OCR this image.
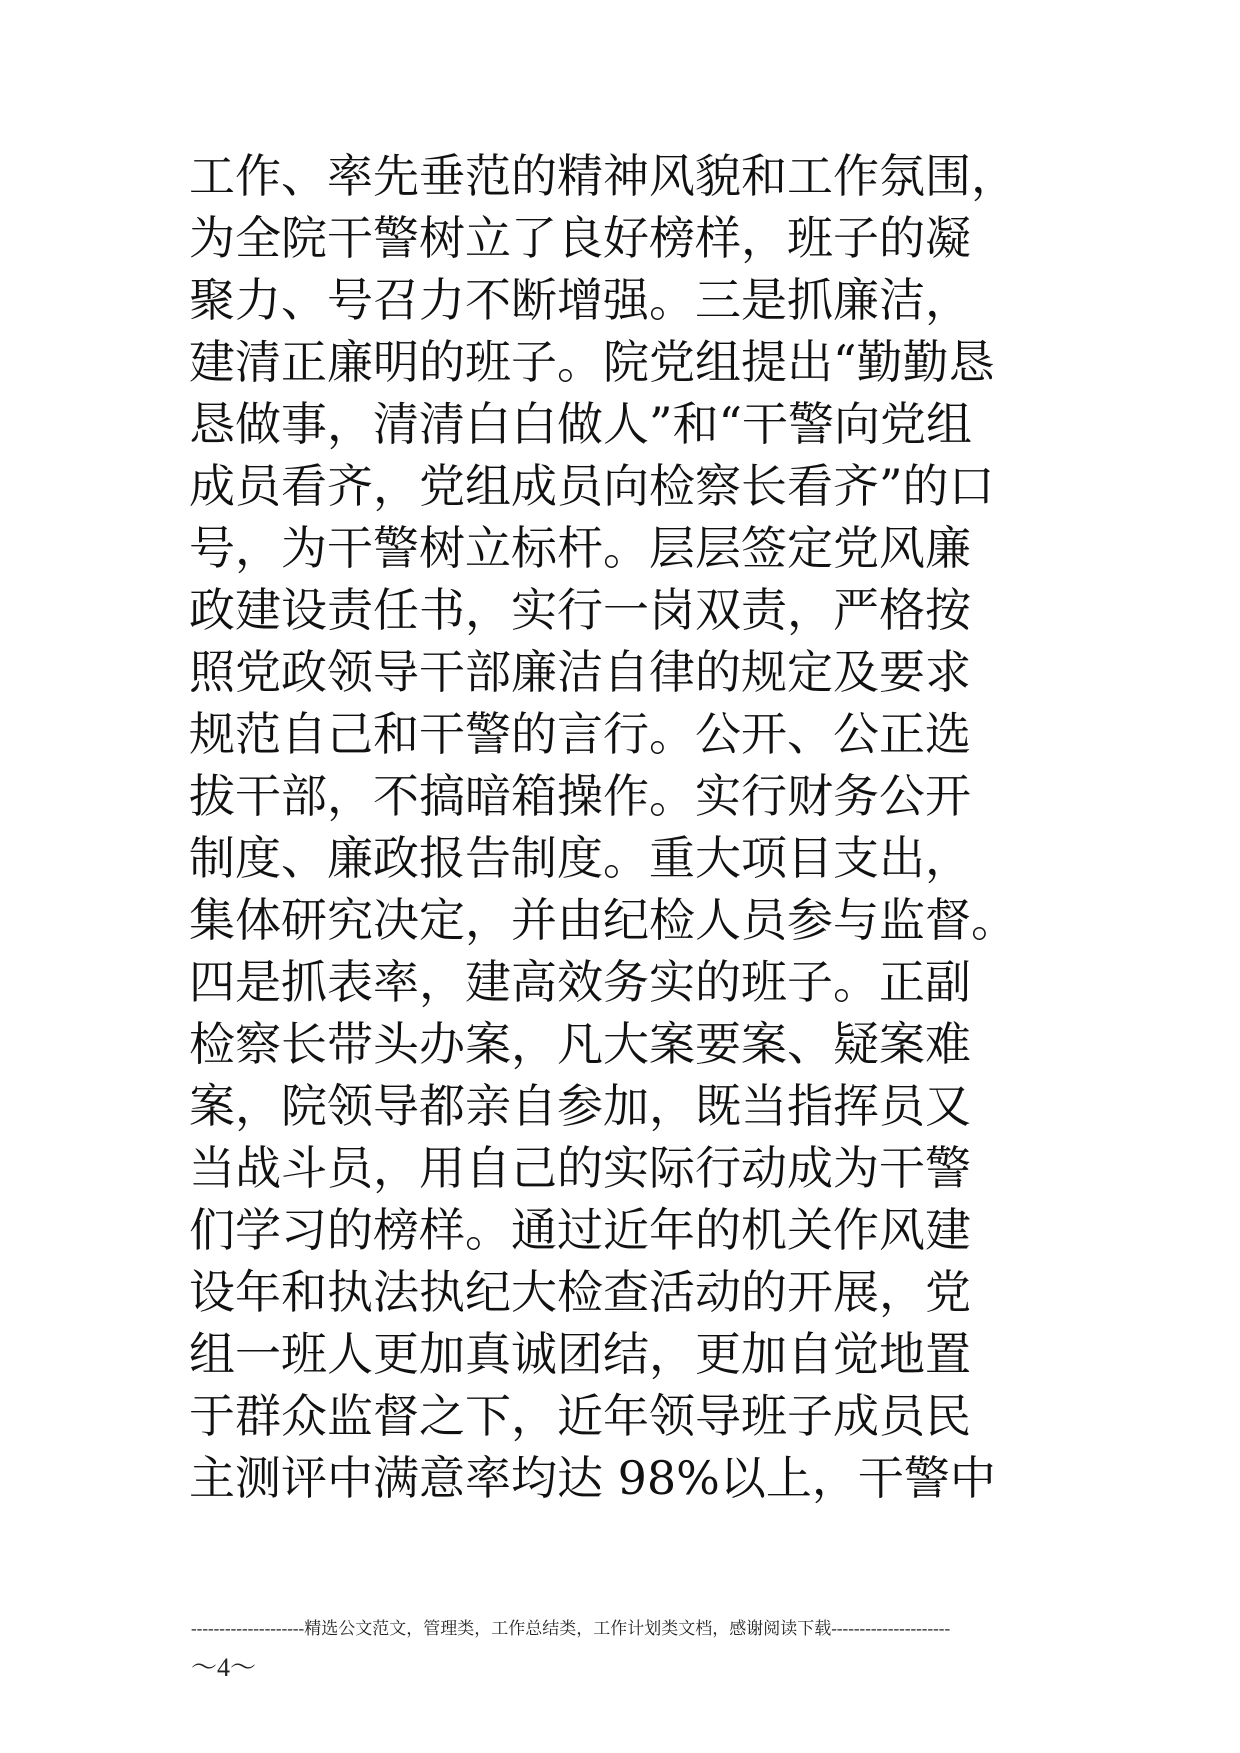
工作、率先垂范的精神风貌和工作氛围，
为全院干警树立了良好榜样，班子的凝
聚力、号召力不断增强。三是抓廉洁，
建清正廉明的班子。院党组提出“勤勤恳
恳做事，清清白白做人”和“干警向党组
成员看齐，党组成员向检察长看齐”的口
号，为干警树立标杆。层层签定党风廉
政建设责任书，实行一岗双责，严格按
照党政领导干部廉洁自律的规定及要求
规范自己和干警的言行。公开、公正选
拔干部，不搞暗箱操作。实行财务公开
制度、廉政报告制度。重大项目支出，
集体研究决定，并由纪检人员参与监督。
四是抓表率，建高效务实的班子。正副
检察长带头办案，凡大案要案、疑案难
案，院领导都亲自参加，既当指挥员又
当战斗员，用自己的实际行动成为干警
们学习的榜样。通过近年的机关作风建
设年和执法执纪大检查活动的开展，党
组一班人更加真诚团结，更加自觉地置
于群众监督之下，近年领导班子成员民
主测评中满意率均达 98%以上，干警中
--------------------精选公文范文，管理类，工作总结类，工作计划类文档，感谢阅读下载---------------------
～4～
